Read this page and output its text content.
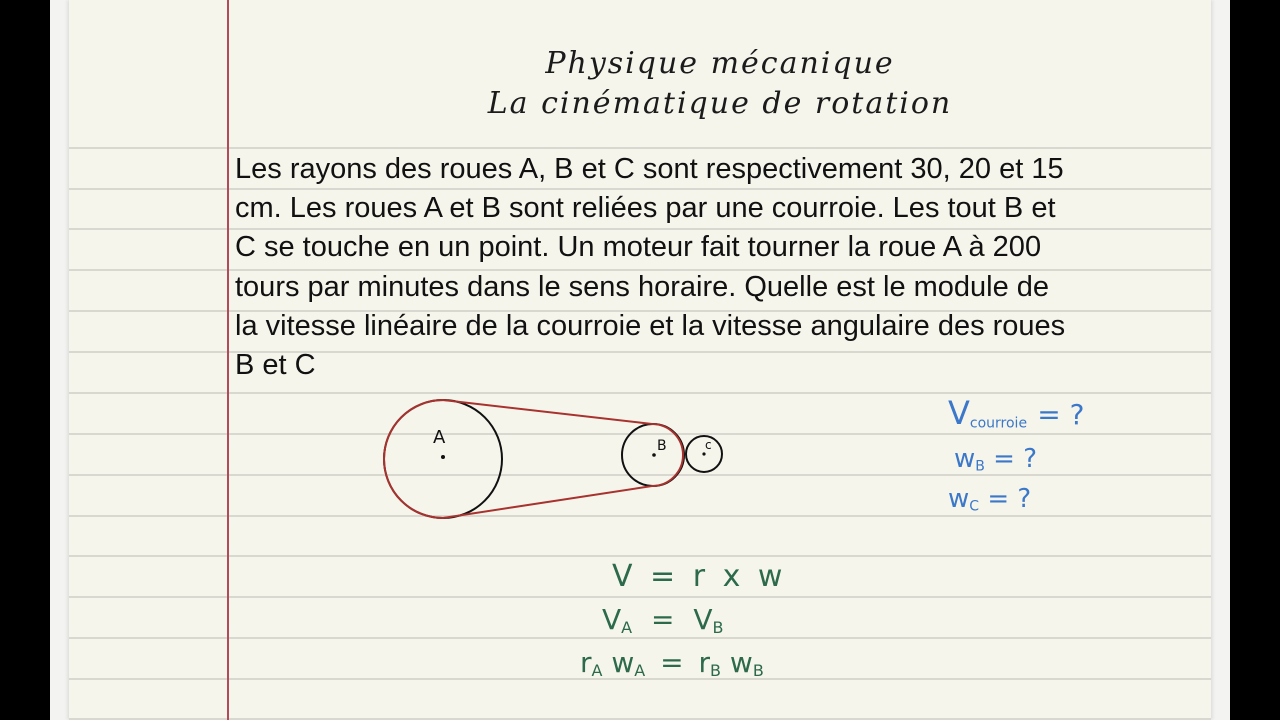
Physique mécanique
La cinématique de rotation
Les rayons des roues A, B et C sont respectivement 30, 20 et 15
cm. Les roues A et B sont reliées par une courroie. Les tout B et
C se touche en un point. Un moteur fait tourner la roue A à 200
tours par minutes dans le sens horaire. Quelle est le module de
la vitesse linéaire de la courroie et la vitesse angulaire des roues
B et C
A	B	c
$V_{courroie}$ = ?
$w_B$ = ?
$w_C$ = ?
V = r x w
$V_A = V_B$
$r_A$ $w_A = r_B$ $w_B$
